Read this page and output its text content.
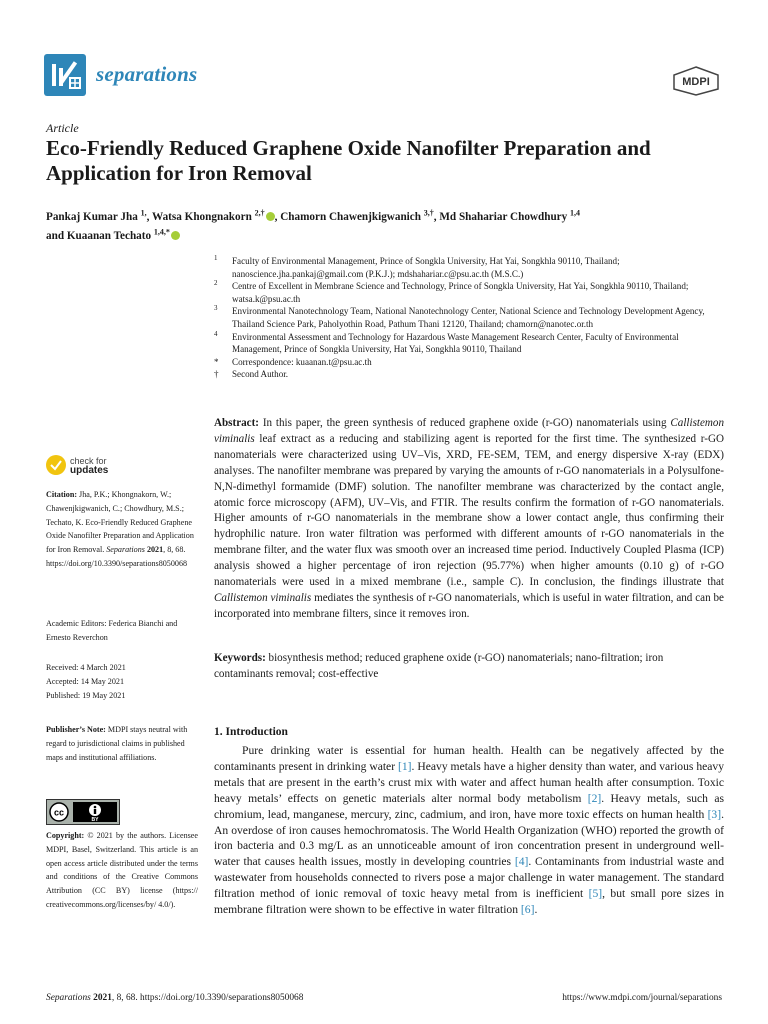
separations	MDPI
Article
Eco-Friendly Reduced Graphene Oxide Nanofilter Preparation and Application for Iron Removal
Pankaj Kumar Jha $^{1,}$, Watsa Khongnakorn $^{2,\dagger}$ , Chamorn Chawenjkigwanich $^{3,\dagger}$, Md Shahariar Chowdhury $^{1,4}$
and Kuaanan Techato $^{1,4,*}$
1 Faculty of Environmental Management, Prince of Songkla University, Hat Yai, Songkhla 90110, Thailand; nanoscience.jha.pankaj@gmail.com (P.K.J.); mdshahariar.c@psu.ac.th (M.S.C.)
2 Centre of Excellent in Membrane Science and Technology, Prince of Songkla University, Hat Yai, Songkhla 90110, Thailand; watsa.k@psu.ac.th
3 Environmental Nanotechnology Team, National Nanotechnology Center, National Science and Technology Development Agency, Thailand Science Park, Paholyothin Road, Pathum Thani 12120, Thailand; chamorn@nanotec.or.th
4 Environmental Assessment and Technology for Hazardous Waste Management Research Center, Faculty of Environmental Management, Prince of Songkla University, Hat Yai, Songkhla 90110, Thailand
* Correspondence: kuaanan.t@psu.ac.th
† Second Author.
Abstract: In this paper, the green synthesis of reduced graphene oxide (r-GO) nanomaterials using Callistemon viminalis leaf extract as a reducing and stabilizing agent is reported for the first time. The synthesized r-GO nanomaterials were characterized using UV–Vis, XRD, FE-SEM, TEM, and energy dispersive X-ray (EDX) analyses. The nanofilter membrane was prepared by varying the amounts of r-GO nanomaterials in a Polysulfone-N,N-dimethyl formamide (DMF) solution. The nanofilter membrane was characterized by the contact angle, atomic force microscopy (AFM), UV–Vis, and FTIR. The results confirm the formation of r-GO nanomaterials. Higher amounts of r-GO nanomaterials in the membrane show a lower contact angle, thus confirming their hydrophilic nature. Iron water filtration was performed with different amounts of r-GO nanomaterials in the membrane filter, and the water flux was smooth over an increased time period. Inductively Coupled Plasma (ICP) analysis showed a higher percentage of iron rejection (95.77%) when higher amounts (0.10 g) of r-GO nanomaterials were used in a mixed membrane (i.e., sample C). In conclusion, the findings illustrate that Callistemon viminalis mediates the synthesis of r-GO nanomaterials, which is useful in water filtration, and can be incorporated into membrane filters, since it removes iron.
Keywords: biosynthesis method; reduced graphene oxide (r-GO) nanomaterials; nano-filtration; iron contaminants removal; cost-effective
1. Introduction
Pure drinking water is essential for human health. Health can be negatively affected by the contaminants present in drinking water [1]. Heavy metals have a higher density than water, and various heavy metals that are present in the earth’s crust mix with water and affect human health after consumption. Toxic heavy metals’ effects on genetic materials alter normal body metabolism [2]. Heavy metals, such as chromium, lead, manganese, mercury, zinc, cadmium, and iron, have more toxic effects on human health [3]. An overdose of iron causes hemochromatosis. The World Health Organization (WHO) reported the growth of iron bacteria and 0.3 mg/L as an unnoticeable amount of iron concentration present in underground well-water that causes health issues, mostly in developing countries [4]. Contaminants from industrial waste and wastewater from households connected to rivers pose a major challenge in water management. The standard filtration method of ionic removal of toxic heavy metal from is inefficient [5], but small pore sizes in membrane filtration were shown to be effective in water filtration [6].
check for
updates
Citation: Jha, P.K.; Khongnakorn, W.; Chawenjkigwanich, C.; Chowdhury, M.S.; Techato, K. Eco-Friendly Reduced Graphene Oxide Nanofilter Preparation and Application for Iron Removal. Separations 2021, 8, 68. https://doi.org/10.3390/separations8050068
Academic Editors: Federica Bianchi and Ernesto Reverchon
Received: 4 March 2021
Accepted: 14 May 2021
Published: 19 May 2021
Publisher’s Note: MDPI stays neutral with regard to jurisdictional claims in published maps and institutional affiliations.
cc
BY
Copyright: © 2021 by the authors. Licensee MDPI, Basel, Switzerland. This article is an open access article distributed under the terms and conditions of the Creative Commons Attribution (CC BY) license (https:// creativecommons.org/licenses/by/ 4.0/).
Separations 2021, 8, 68. https://doi.org/10.3390/separations8050068	https://www.mdpi.com/journal/separations
